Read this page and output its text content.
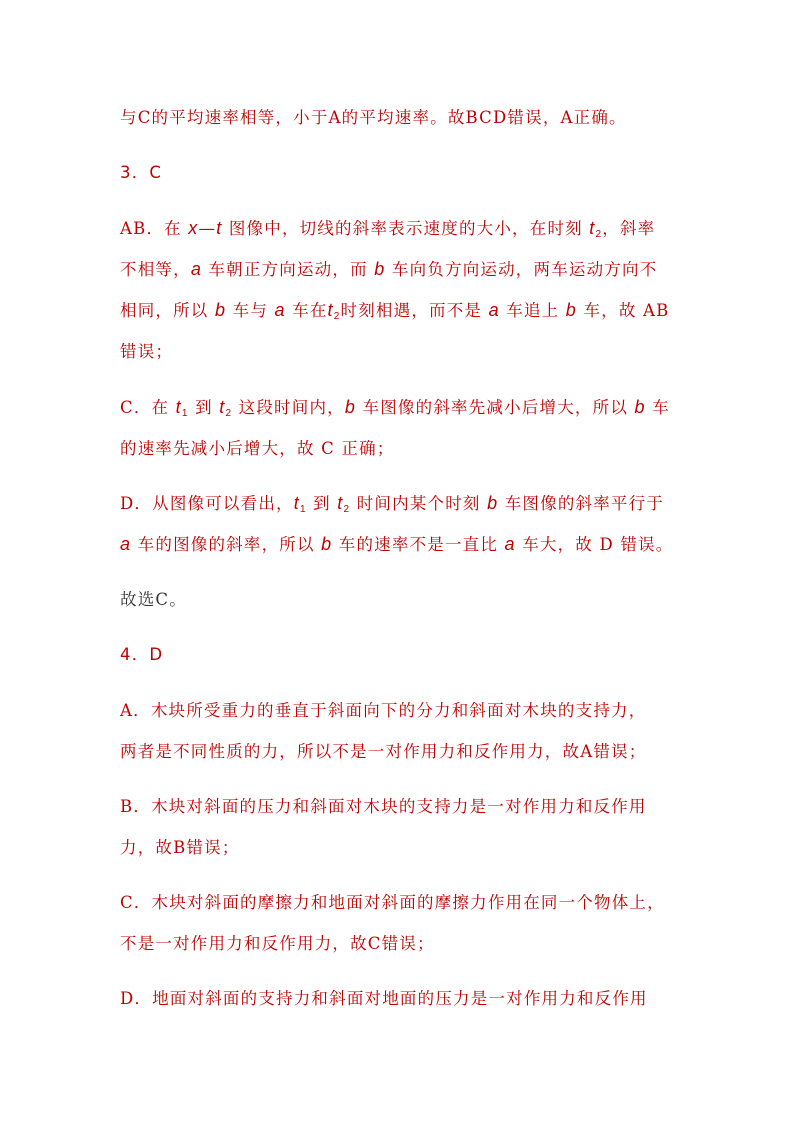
与C的平均速率相等，小于A的平均速率。故BCD错误，A正确。
3．C
AB．在 x—t 图像中，切线的斜率表示速度的大小，在时刻 $t_2$，斜率
不相等，a 车朝正方向运动，而 b 车向负方向运动，两车运动方向不
相同，所以 b 车与 a 车在$t_2$时刻相遇，而不是 a 车追上 b 车，故 AB
错误；
C．在 $t_1$ 到 $t_2$ 这段时间内，b 车图像的斜率先减小后增大，所以 b 车
的速率先减小后增大，故 C 正确；
D．从图像可以看出，$t_1$ 到 $t_2$ 时间内某个时刻 b 车图像的斜率平行于
a 车的图像的斜率，所以 b 车的速率不是一直比 a 车大，故 D 错误。
故选C。
4．D
A．木块所受重力的垂直于斜面向下的分力和斜面对木块的支持力，
两者是不同性质的力，所以不是一对作用力和反作用力，故A错误；
B．木块对斜面的压力和斜面对木块的支持力是一对作用力和反作用
力，故B错误；
C．木块对斜面的摩擦力和地面对斜面的摩擦力作用在同一个物体上，
不是一对作用力和反作用力，故C错误；
D．地面对斜面的支持力和斜面对地面的压力是一对作用力和反作用
